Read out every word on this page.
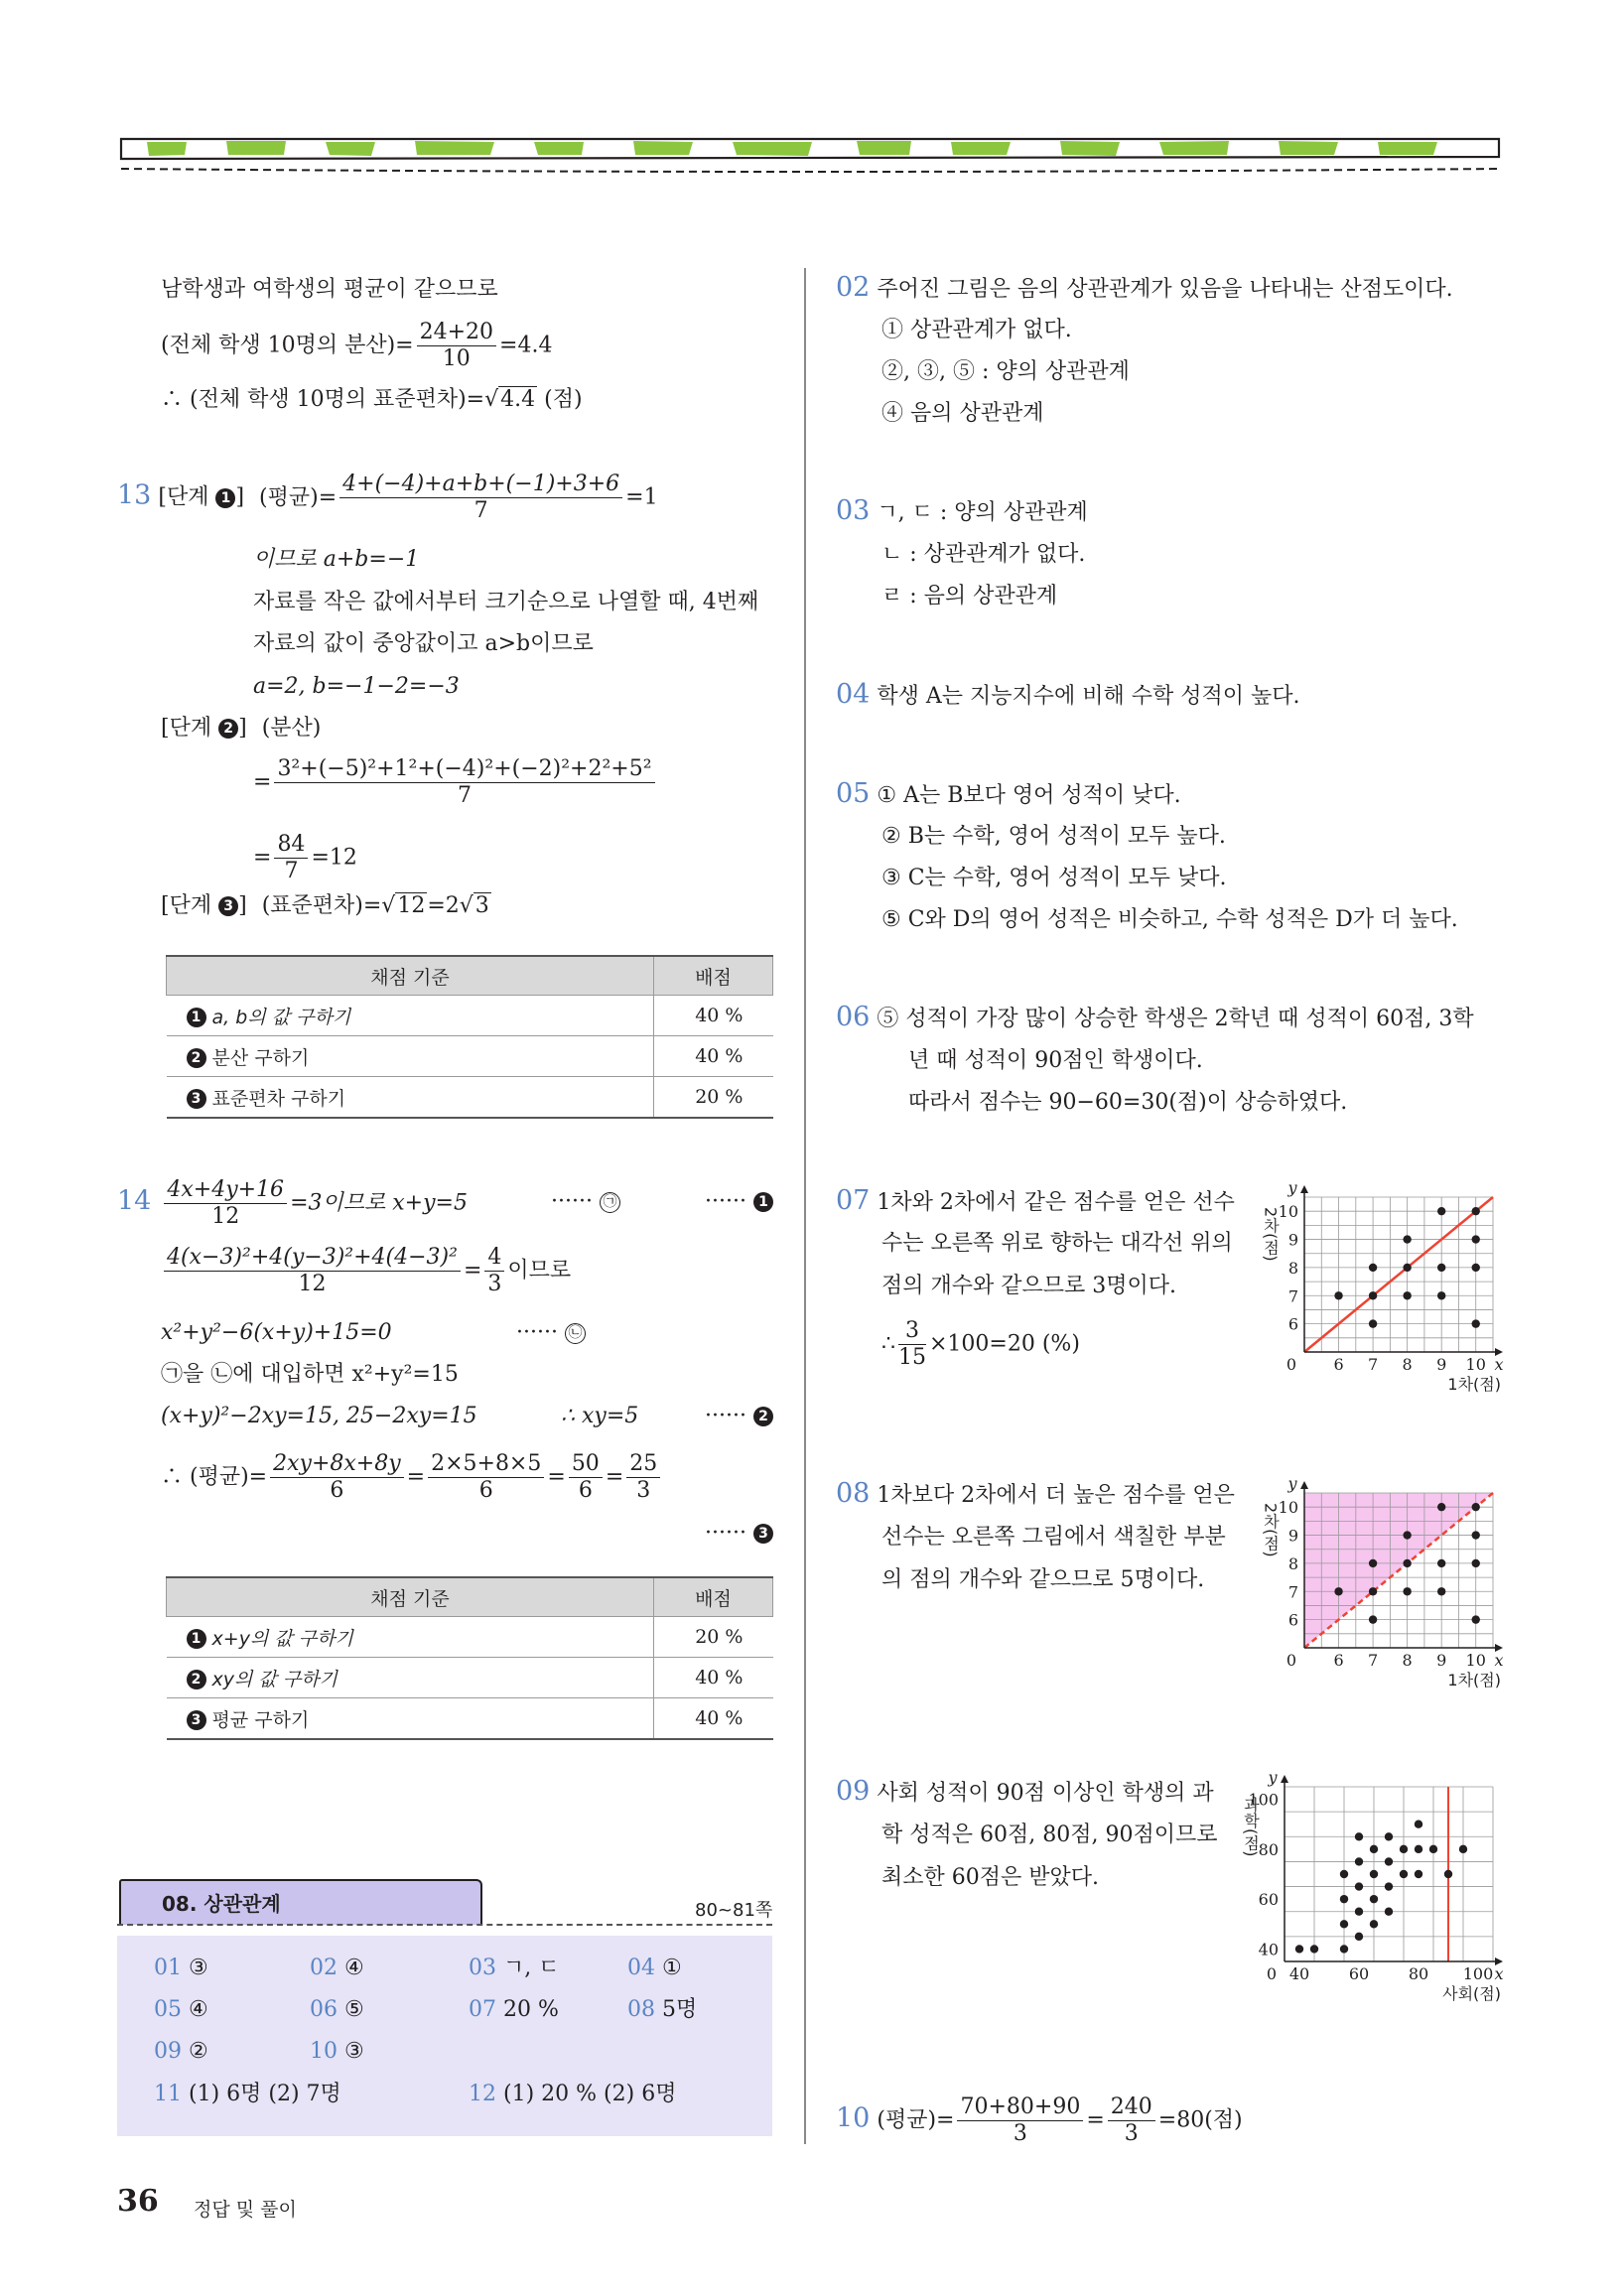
남학생과 여학생의 평균이 같으므로
(전체 학생 10명의 분산)= $\frac{24+20}{10} =4.4$
∴ (전체 학생 10명의 표준편차)=√4.4 (점)
13 [단계 1 ] (평균)= $\frac{4+(-4)+a+b+(-1)+3+6}{7} =1$
이므로 a+b=−1
자료를 작은 값에서부터 크기순으로 나열할 때, 4번째
자료의 값이 중앙값이고 a>b이므로
a=2, b=−1−2=−3
[단계 2 ] (분산)
= $\frac{\text{3²+(−5)²+1²+(−4)²+(−2)²+2²+5²}}{7}$
= $\frac{84}{7} =12$
[단계 3 ] (표준편차)=√12=2√3
채점 기준	배점
1 a, b의 값 구하기	40 %
2 분산 구하기	40 %
3 표준편차 구하기	20 %
$14 \frac{4x+4y+16}{12} =3$이므로 x+y=5	······ ㉠	······ 1
$\frac{\text{4(x−3)²+4(y−3)²+4(4−3)²}}{12} = \frac{4}{3}$ 이므로
x²+y²−6(x+y)+15=0	······ ㉡
㉠을 ㉡에 대입하면 x²+y²=15
(x+y)²−2xy=15, 25−2xy=15	∴ xy=5	······ 2
∴ (평균)= $\frac{2xy+8x+8y}{6} = \frac{2\times 5+8\times 5}{6} = \frac{50}{6} = \frac{25}{3}$
······ 3
채점 기준	배점
1 x+y의 값 구하기	20 %
2 xy의 값 구하기	40 %
3 평균 구하기	40 %
08. 상관관계	80~81쪽
01 ③	02 ④	03 ㄱ, ㄷ	04 ①
05 ④	06 ⑤	07 20 %	08 5명
09 ②	10 ③
11 (1) 6명 (2) 7명	12 (1) 20 % (2) 6명
02 주어진 그림은 음의 상관관계가 있음을 나타내는 산점도이다.
① 상관관계가 없다.
②, ③, ⑤ : 양의 상관관계
④ 음의 상관관계
03 ㄱ, ㄷ : 양의 상관관계
ㄴ : 상관관계가 없다.
ㄹ : 음의 상관관계
04 학생 A는 지능지수에 비해 수학 성적이 높다.
05 ① A는 B보다 영어 성적이 낮다.
② B는 수학, 영어 성적이 모두 높다.
③ C는 수학, 영어 성적이 모두 낮다.
⑤ C와 D의 영어 성적은 비슷하고, 수학 성적은 D가 더 높다.
06 ⑤ 성적이 가장 많이 상승한 학생은 2학년 때 성적이 60점, 3학
년 때 성적이 90점인 학생이다.
따라서 점수는 90−60=30(점)이 상승하였다.
07 1차와 2차에서 같은 점수를 얻은 선수
수는 오른쪽 위로 향하는 대각선 위의
점의 개수와 같으므로 3명이다.
∴ $\frac{3}{15} \times 100=20$ (%)
08 1차보다 2차에서 더 높은 점수를 얻은
선수는 오른쪽 그림에서 색칠한 부분
의 점의 개수와 같으므로 5명이다.
09 사회 성적이 90점 이상인 학생의 과
학 성적은 60점, 80점, 90점이므로
최소한 60점은 받았다.
10 (평균)= $\frac{70+80+90}{3} = \frac{240}{3} =80$(점)
6 7 8 9 10
6
7
8
9
10
0	x
y
1차(점)
2차(점)
6 7 8 9 10
6
7
8
9
10
0	x
y
1차(점)
2차(점)
40 60 80 100
40
60
80
100
0	x
y
사회(점)
과학(점)
36 정답 및 풀이
